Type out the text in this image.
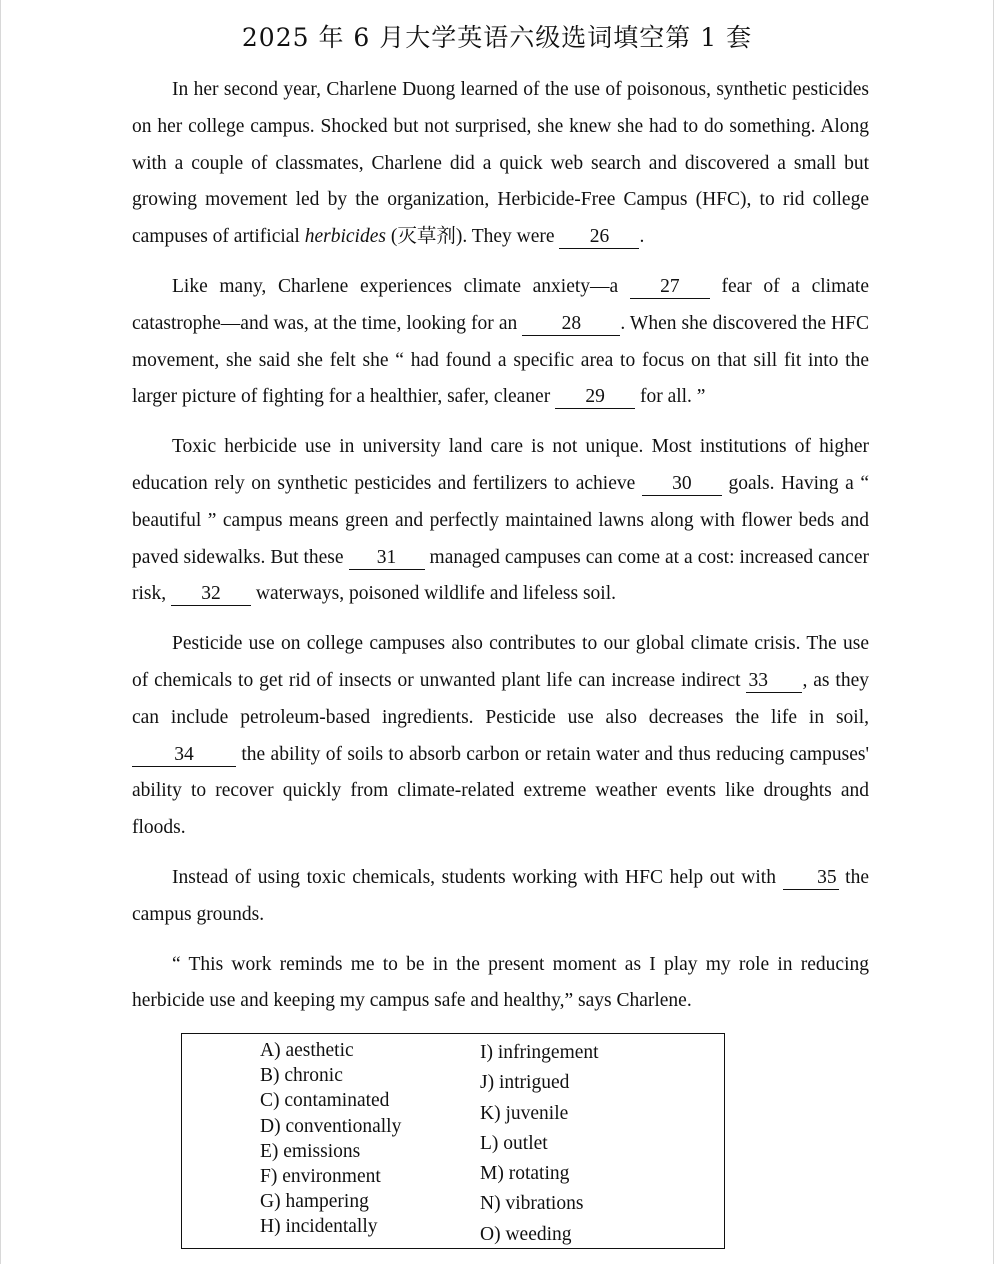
2025 年 6 月大学英语六级选词填空第 1 套

In her second year, Charlene Duong learned of the use of poisonous, synthetic pesticides on her college campus. Shocked but not surprised, she knew she had to do something. Along with a couple of classmates, Charlene did a quick web search and discovered a small but growing movement led by the organization, Herbicide-Free Campus (HFC), to rid college campuses of artificial herbicides (灭草剂). They were 26 .

Like many, Charlene experiences climate anxiety—a 27 fear of a climate catastrophe—and was, at the time, looking for an 28 . When she discovered the HFC movement, she said she felt she “ had found a specific area to focus on that sill fit into the larger picture of fighting for a healthier, safer, cleaner 29 for all. ”

Toxic herbicide use in university land care is not unique. Most institutions of higher education rely on synthetic pesticides and fertilizers to achieve 30 goals. Having a “ beautiful ” campus means green and perfectly maintained lawns along with flower beds and paved sidewalks. But these 31 managed campuses can come at a cost: increased cancer risk, 32 waterways, poisoned wildlife and lifeless soil.

Pesticide use on college campuses also contributes to our global climate crisis. The use of chemicals to get rid of insects or unwanted plant life can increase indirect 33 , as they can include petroleum-based ingredients. Pesticide use also decreases the life in soil, 34 the ability of soils to absorb carbon or retain water and thus reducing campuses' ability to recover quickly from climate-related extreme weather events like droughts and floods.

Instead of using toxic chemicals, students working with HFC help out with 35 the campus grounds.

“ This work reminds me to be in the present moment as I play my role in reducing herbicide use and keeping my campus safe and healthy,” says Charlene.

A) aesthetic
B) chronic
C) contaminated
D) conventionally
E) emissions
F) environment
G) hampering
H) incidentally
I) infringement
J) intrigued
K) juvenile
L) outlet
M) rotating
N) vibrations
O) weeding
